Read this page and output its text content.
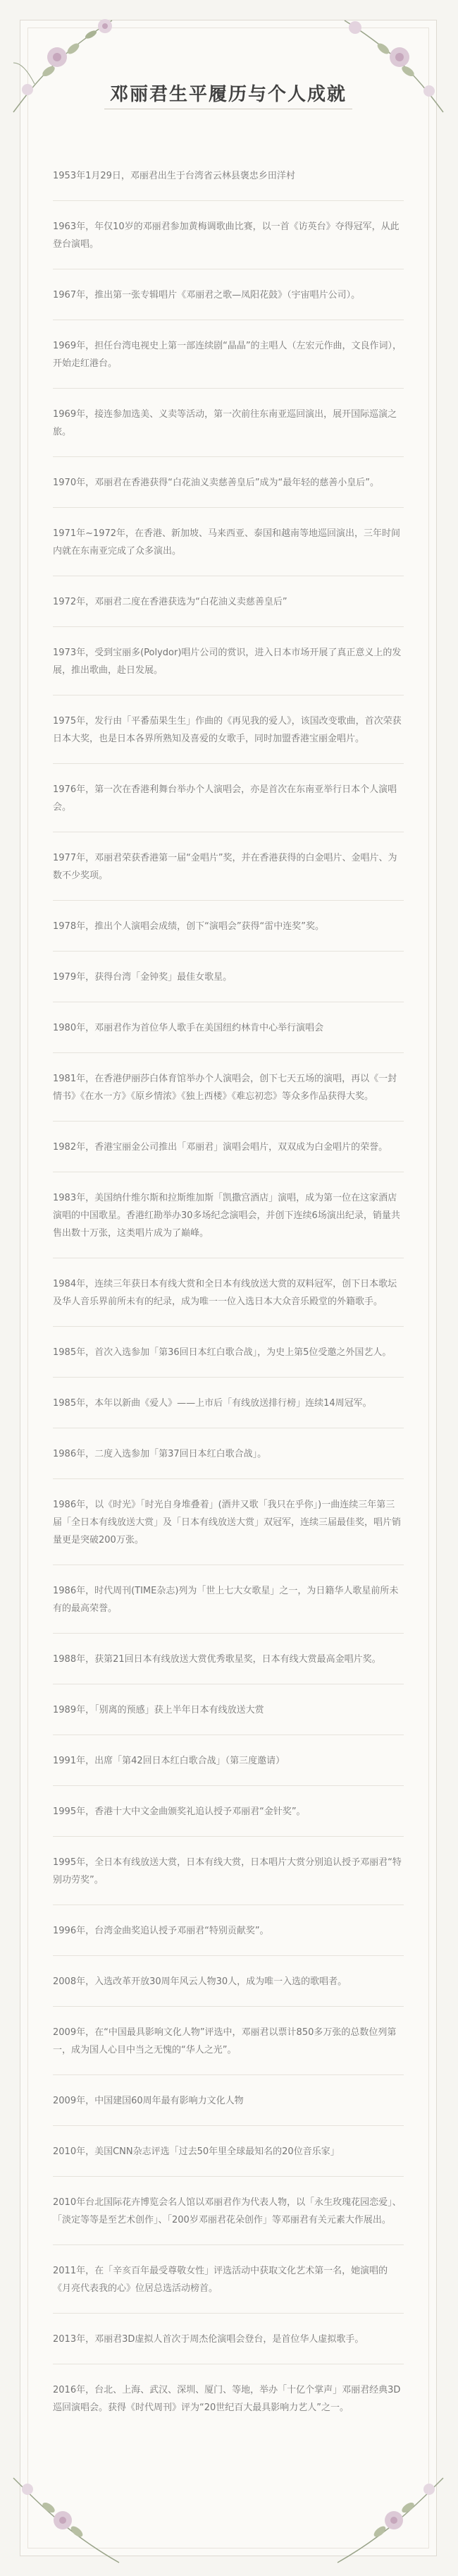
邓丽君生平履历与个人成就
1953年1月29日，邓丽君出生于台湾省云林县褒忠乡田洋村
1963年，年仅10岁的邓丽君参加黄梅调歌曲比赛，以一首《访英台》夺得冠军，从此登台演唱。
1967年，推出第一张专辑唱片《邓丽君之歌—凤阳花鼓》（宇宙唱片公司）。
1969年，担任台湾电视史上第一部连续剧“晶晶”的主唱人（左宏元作曲，文良作词），开始走红港台。
1969年，接连参加选美、义卖等活动，第一次前往东南亚巡回演出，展开国际巡演之旅。
1970年，邓丽君在香港获得“白花油义卖慈善皇后”成为“最年轻的慈善小皇后”。
1971年~1972年，在香港、新加坡、马来西亚、泰国和越南等地巡回演出，三年时间内就在东南亚完成了众多演出。
1972年，邓丽君二度在香港获选为“白花油义卖慈善皇后”
1973年，受到宝丽多(Polydor)唱片公司的赏识，进入日本市场开展了真正意义上的发展，推出歌曲，赴日发展。
1975年，发行由「平番茄果生生」作曲的《再见我的爱人》，该国改变歌曲，首次荣获日本大奖，也是日本各界所熟知及喜爱的女歌手，同时加盟香港宝丽金唱片。
1976年，第一次在香港利舞台举办个人演唱会，亦是首次在东南亚举行日本个人演唱会。
1977年，邓丽君荣获香港第一届“金唱片”奖，并在香港获得的白金唱片、金唱片、为数不少奖项。
1978年，推出个人演唱会成绩，创下“演唱会”获得“雷中连奖”奖。
1979年，获得台湾「金钟奖」最佳女歌星。
1980年，邓丽君作为首位华人歌手在美国纽约林肯中心举行演唱会
1981年，在香港伊丽莎白体育馆举办个人演唱会，创下七天五场的演唱，再以《一封情书》《在水一方》《原乡情浓》《独上西楼》《难忘初恋》等众多作品获得大奖。
1982年，香港宝丽金公司推出「邓丽君」演唱会唱片，双双成为白金唱片的荣誉。
1983年，美国纳什维尔斯和拉斯维加斯「凯撒宫酒店」演唱，成为第一位在这家酒店演唱的中国歌星。香港红勘举办30多场纪念演唱会，并创下连续6场演出纪录，销量共售出数十万张，这类唱片成为了巅峰。
1984年，连续三年获日本有线大赏和全日本有线放送大赏的双料冠军，创下日本歌坛及华人音乐界前所未有的纪录，成为唯一一位入选日本大众音乐殿堂的外籍歌手。
1985年，首次入选参加「第36回日本红白歌合战」，为史上第5位受邀之外国艺人。
1985年，本年以新曲《爱人》——上市后「有线放送排行榜」连续14周冠军。
1986年，二度入选参加「第37回日本红白歌合战」。
1986年，以《时光》「时光自身堆叠着」(酒井又歌「我只在乎你」)一曲连续三年第三届「全日本有线放送大赏」及「日本有线放送大赏」双冠军，连续三届最佳奖，唱片销量更是突破200万张。
1986年，时代周刊(TIME杂志)列为「世上七大女歌星」之一，为日籍华人歌星前所未有的最高荣誉。
1988年，获第21回日本有线放送大赏优秀歌星奖，日本有线大赏最高金唱片奖。
1989年，「别离的预感」获上半年日本有线放送大赏
1991年，出席「第42回日本红白歌合战」（第三度邀请）
1995年，香港十大中文金曲颁奖礼追认授予邓丽君“金针奖”。
1995年，全日本有线放送大赏，日本有线大赏，日本唱片大赏分别追认授予邓丽君“特别功劳奖”。
1996年，台湾金曲奖追认授予邓丽君“特别贡献奖”。
2008年，入选改革开放30周年风云人物30人，成为唯一入选的歌唱者。
2009年，在“中国最具影响文化人物”评选中，邓丽君以票计850多万张的总数位列第一，成为国人心目中当之无愧的“华人之光”。
2009年，中国建国60周年最有影响力文化人物
2010年，美国CNN杂志评选「过去50年里全球最知名的20位音乐家」
2010年台北国际花卉博览会名人馆以邓丽君作为代表人物，以「永生玫瑰花园恋爱」、「淡定等等是至艺术创作」、「200岁邓丽君花朵创作」等邓丽君有关元素大作展出。
2011年，在「辛亥百年最受尊敬女性」评选活动中获取文化艺术第一名，她演唱的《月亮代表我的心》位居总选活动榜首。
2013年，邓丽君3D虚拟人首次于周杰伦演唱会登台，是首位华人虚拟歌手。
2016年，台北、上海、武汉、深圳、厦门、等地，举办「十亿个掌声」邓丽君经典3D巡回演唱会。获得《时代周刊》评为“20世纪百大最具影响力艺人”之一。
